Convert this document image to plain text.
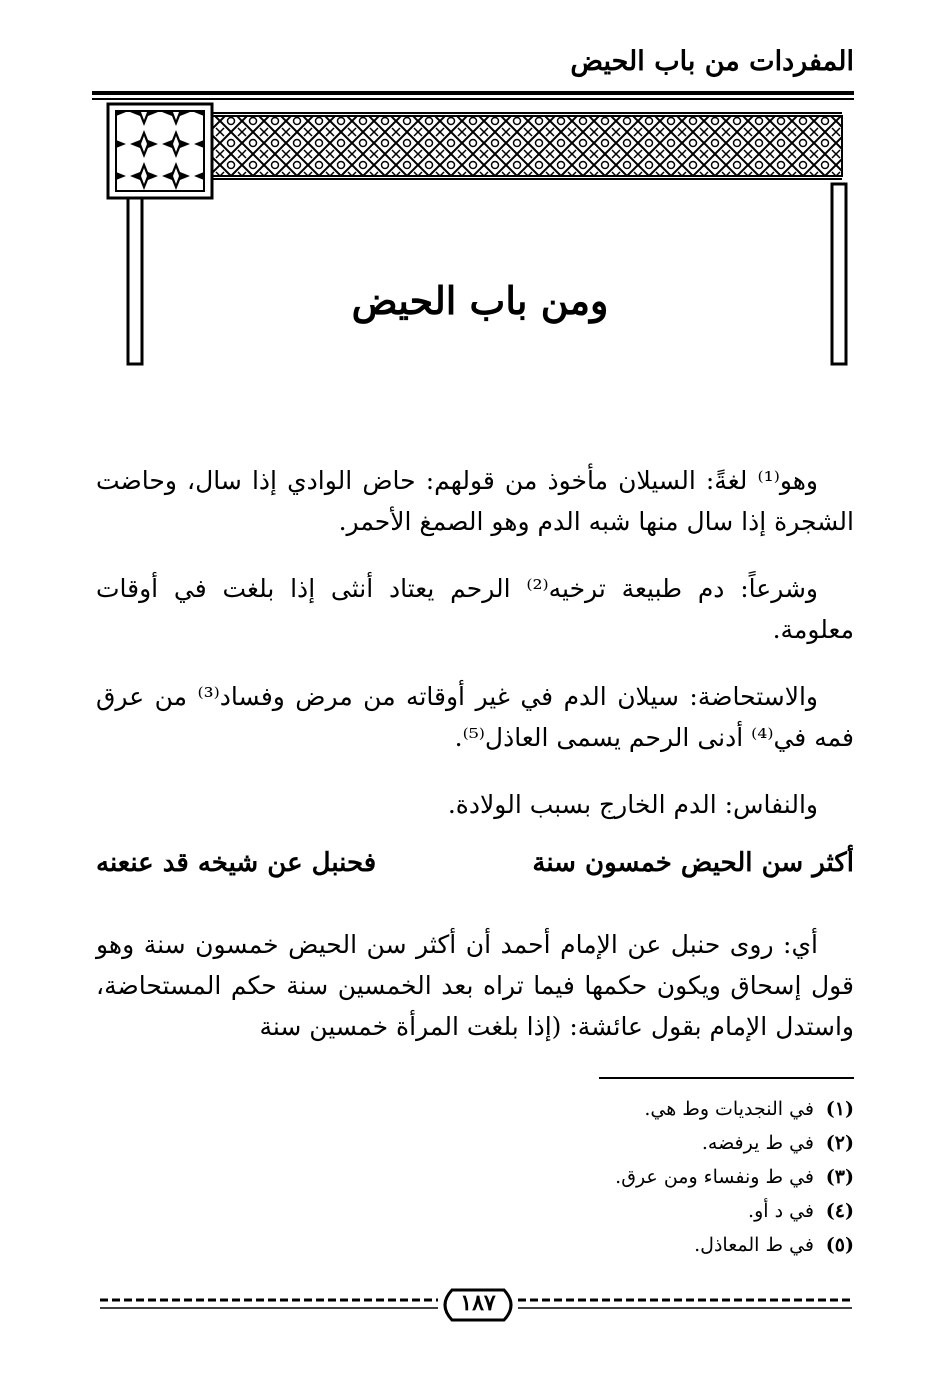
المفردات من باب الحيض
ومن باب الحيض

وهو⁽¹⁾ لغةً: السيلان مأخوذ من قولهم: حاض الوادي إذا سال، وحاضت الشجرة إذا سال منها شبه الدم وهو الصمغ الأحمر.

وشرعاً: دم طبيعة ترخيه⁽²⁾ الرحم يعتاد أنثى إذا بلغت في أوقات معلومة.

والاستحاضة: سيلان الدم في غير أوقاته من مرض وفساد⁽³⁾ من عرق فمه في⁽⁴⁾ أدنى الرحم يسمى العاذل⁽⁵⁾.

والنفاس: الدم الخارج بسبب الولادة.

أكثر سن الحيض خمسون سنة
فحنبل عن شيخه قد عنعنه
أي: روى حنبل عن الإمام أحمد أن أكثر سن الحيض خمسون سنة وهو قول إسحاق ويكون حكمها فيما تراه بعد الخمسين سنة حكم المستحاضة، واستدل الإمام بقول عائشة: (إذا بلغت المرأة خمسين سنة
(١)في النجديات وط هي.
(٢)في ط يرفضه.
(٣)في ط ونفساء ومن عرق.
(٤)في د أو.
(٥)في ط المعاذل.
١٨٧
